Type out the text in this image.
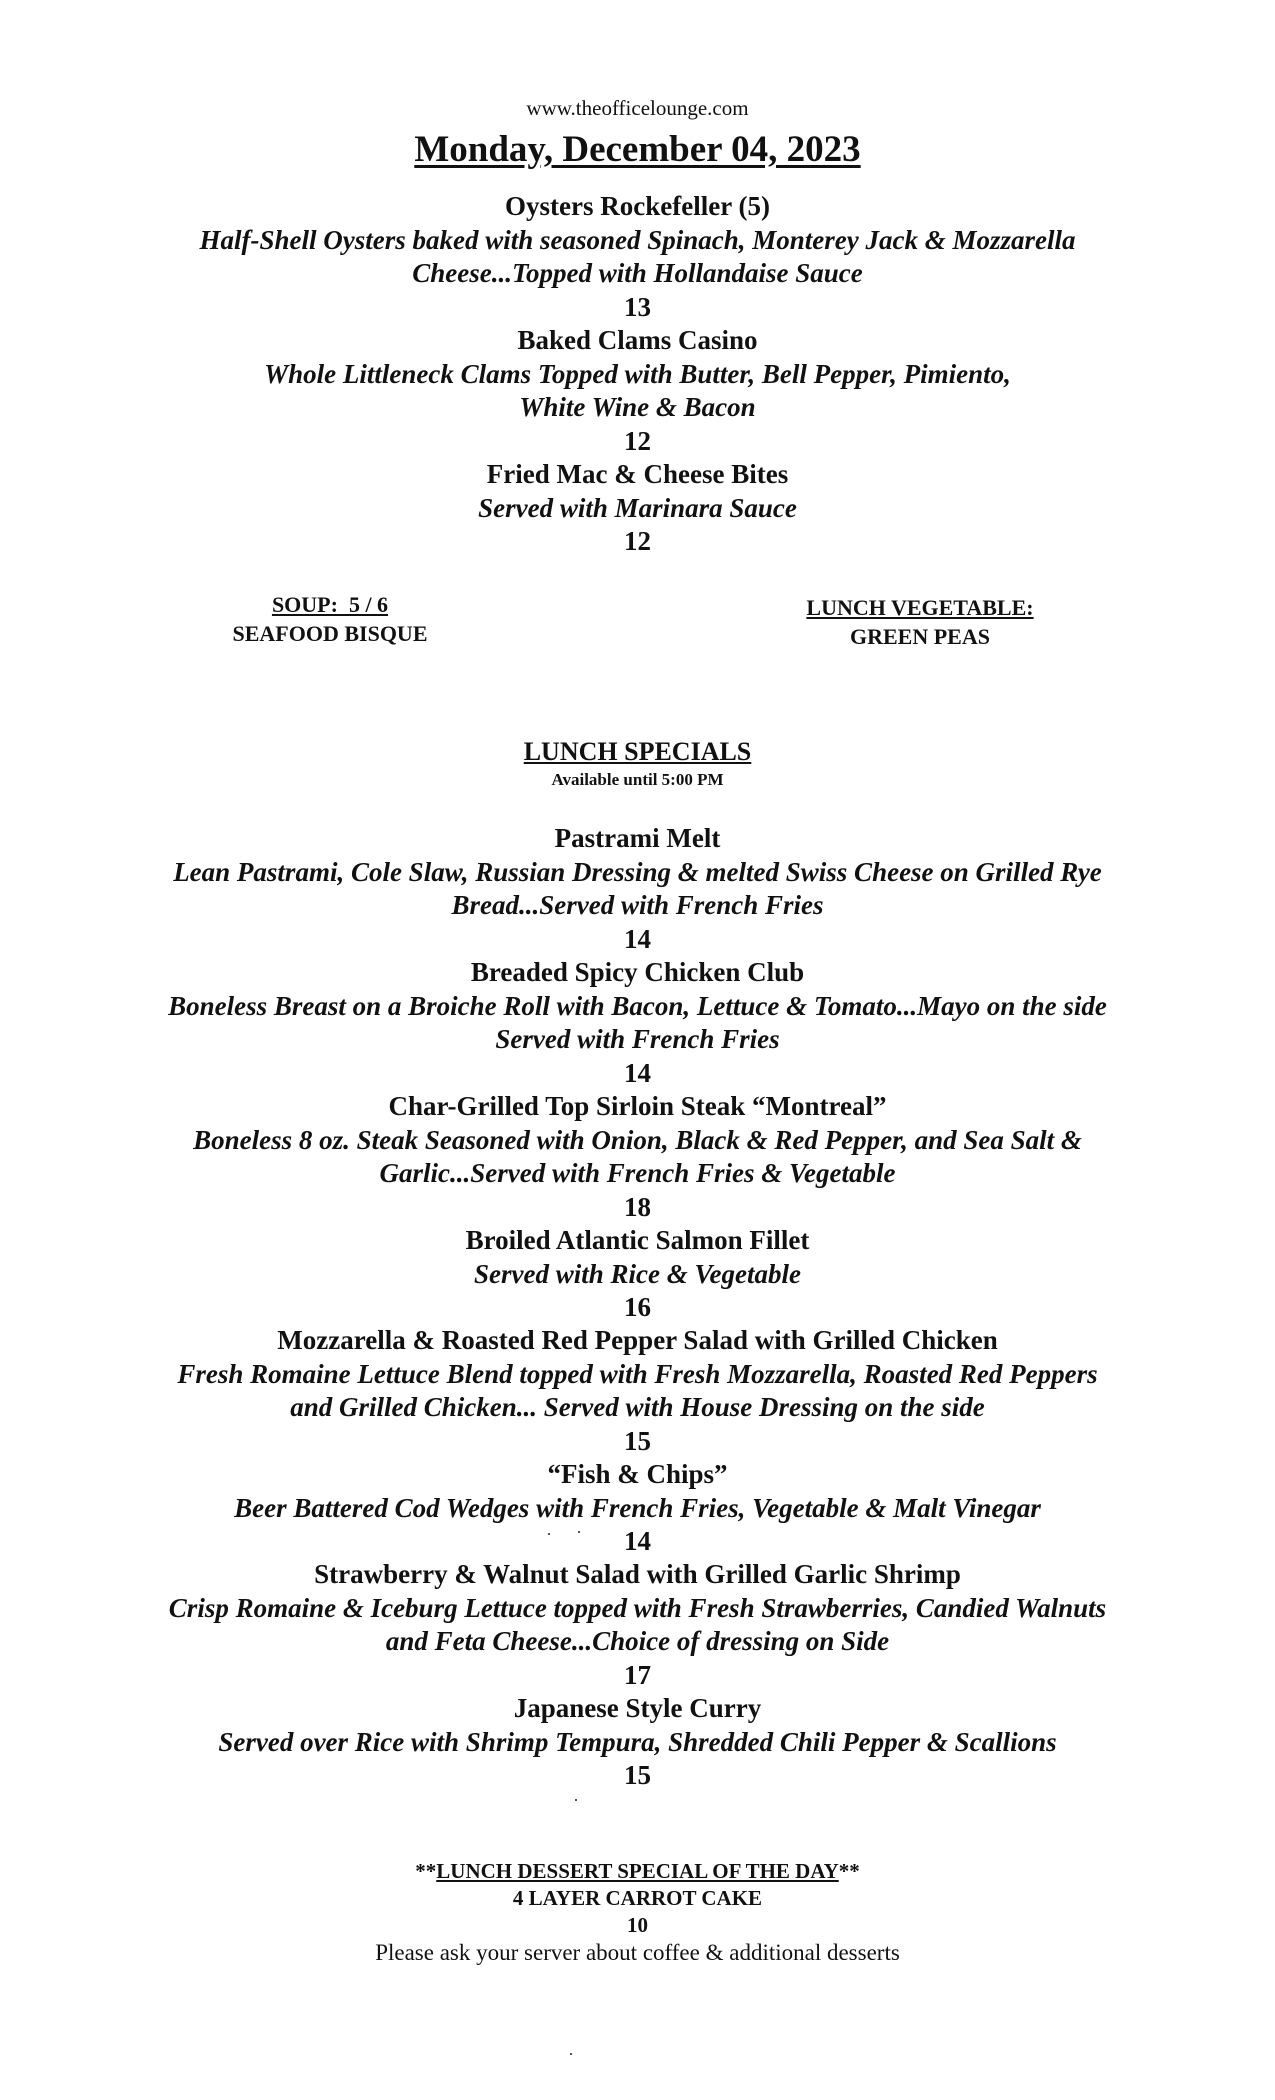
www.theofficelounge.com
Monday, December 04, 2023
Oysters Rockefeller (5)
Half-Shell Oysters baked with seasoned Spinach, Monterey Jack & Mozzarella
Cheese...Topped with Hollandaise Sauce
13
Baked Clams Casino
Whole Littleneck Clams Topped with Butter, Bell Pepper, Pimiento,
White Wine & Bacon
12
Fried Mac & Cheese Bites
Served with Marinara Sauce
12
SOUP:  5 / 6
SEAFOOD BISQUE
LUNCH VEGETABLE:
GREEN PEAS
LUNCH SPECIALS
Available until 5:00 PM
Pastrami Melt
Lean Pastrami, Cole Slaw, Russian Dressing & melted Swiss Cheese on Grilled Rye
Bread...Served with French Fries
14
Breaded Spicy Chicken Club
Boneless Breast on a Broiche Roll with Bacon, Lettuce & Tomato...Mayo on the side
Served with French Fries
14
Char-Grilled Top Sirloin Steak “Montreal”
Boneless 8 oz. Steak Seasoned with Onion, Black & Red Pepper, and Sea Salt &
Garlic...Served with French Fries & Vegetable
18
Broiled Atlantic Salmon Fillet
Served with Rice & Vegetable
16
Mozzarella & Roasted Red Pepper Salad with Grilled Chicken
Fresh Romaine Lettuce Blend topped with Fresh Mozzarella, Roasted Red Peppers
and Grilled Chicken... Served with House Dressing on the side
15
“Fish & Chips”
Beer Battered Cod Wedges with French Fries, Vegetable & Malt Vinegar
14
Strawberry & Walnut Salad with Grilled Garlic Shrimp
Crisp Romaine & Iceburg Lettuce topped with Fresh Strawberries, Candied Walnuts
and Feta Cheese...Choice of dressing on Side
17
Japanese Style Curry
Served over Rice with Shrimp Tempura, Shredded Chili Pepper & Scallions
15
**LUNCH DESSERT SPECIAL OF THE DAY**
4 LAYER CARROT CAKE
10
Please ask your server about coffee & additional desserts
